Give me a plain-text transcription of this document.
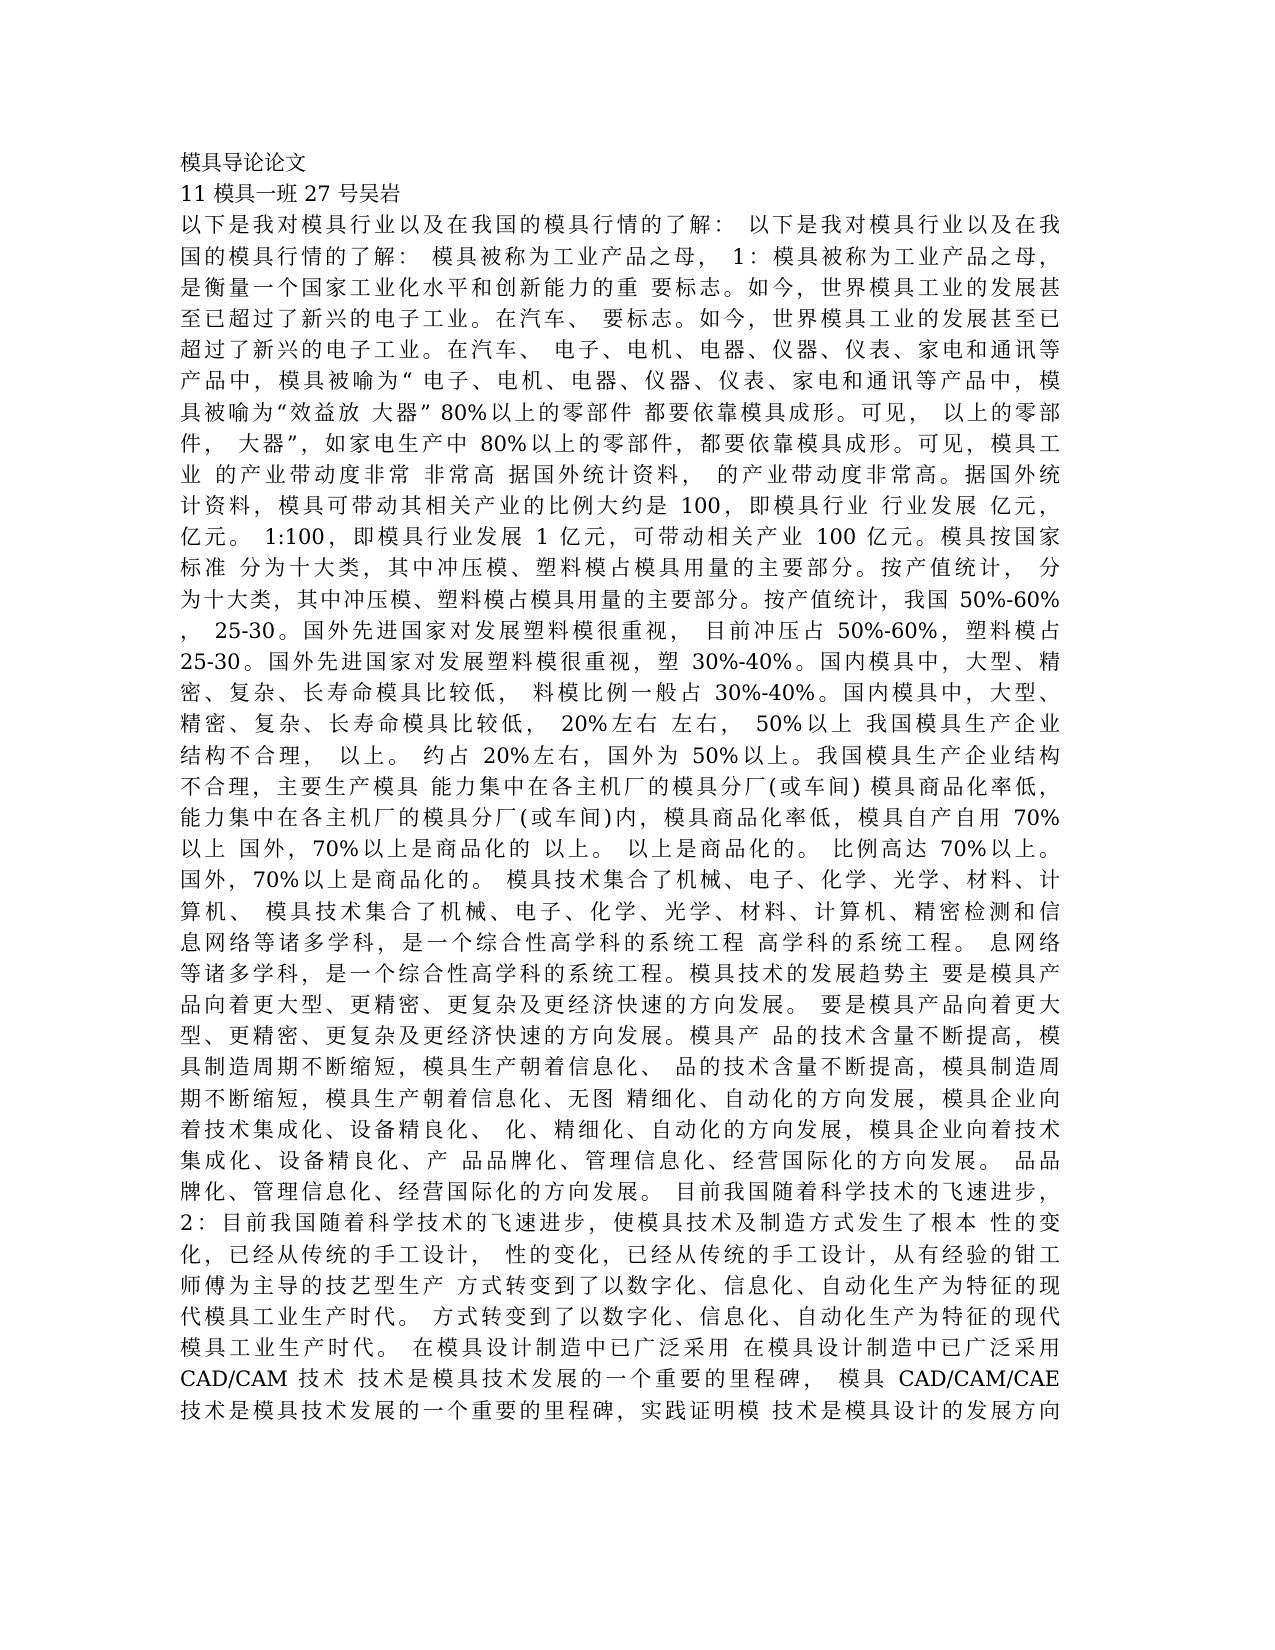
模具导论论文
11 模具一班 27 号吴岩
以下是我对模具行业以及在我国的模具行情的了解： 以下是我对模具行业以及在我
国的模具行情的了解： 模具被称为工业产品之母， 1：模具被称为工业产品之母，
是衡量一个国家工业化水平和创新能力的重 要标志。如今，世界模具工业的发展甚
至已超过了新兴的电子工业。在汽车、 要标志。如今，世界模具工业的发展甚至已
超过了新兴的电子工业。在汽车、 电子、电机、电器、仪器、仪表、家电和通讯等
产品中，模具被喻为“ 电子、电机、电器、仪器、仪表、家电和通讯等产品中，模
具被喻为“效益放 大器” 80%以上的零部件 都要依靠模具成形。可见， 以上的零部
件， 大器”，如家电生产中 80%以上的零部件，都要依靠模具成形。可见，模具工
业 的产业带动度非常 非常高 据国外统计资料， 的产业带动度非常高。据国外统
计资料，模具可带动其相关产业的比例大约是 100，即模具行业 行业发展 亿元，
亿元。 1:100，即模具行业发展 1 亿元，可带动相关产业 100 亿元。模具按国家
标准 分为十大类，其中冲压模、塑料模占模具用量的主要部分。按产值统计， 分
为十大类，其中冲压模、塑料模占模具用量的主要部分。按产值统计，我国 50%-60%
， 25-30。国外先进国家对发展塑料模很重视， 目前冲压占 50%-60%，塑料模占
25-30。国外先进国家对发展塑料模很重视，塑 30%-40%。国内模具中，大型、精
密、复杂、长寿命模具比较低， 料模比例一般占 30%-40%。国内模具中，大型、
精密、复杂、长寿命模具比较低， 20%左右 左右， 50%以上 我国模具生产企业
结构不合理， 以上。 约占 20%左右，国外为 50%以上。我国模具生产企业结构
不合理，主要生产模具 能力集中在各主机厂的模具分厂(或车间) 模具商品化率低，
能力集中在各主机厂的模具分厂(或车间)内，模具商品化率低，模具自产自用 70%
以上 国外，70%以上是商品化的 以上。 以上是商品化的。 比例高达 70%以上。
国外，70%以上是商品化的。 模具技术集合了机械、电子、化学、光学、材料、计
算机、 模具技术集合了机械、电子、化学、光学、材料、计算机、精密检测和信
息网络等诸多学科，是一个综合性高学科的系统工程 高学科的系统工程。 息网络
等诸多学科，是一个综合性高学科的系统工程。模具技术的发展趋势主 要是模具产
品向着更大型、更精密、更复杂及更经济快速的方向发展。 要是模具产品向着更大
型、更精密、更复杂及更经济快速的方向发展。模具产 品的技术含量不断提高，模
具制造周期不断缩短，模具生产朝着信息化、 品的技术含量不断提高，模具制造周
期不断缩短，模具生产朝着信息化、无图 精细化、自动化的方向发展，模具企业向
着技术集成化、设备精良化、 化、精细化、自动化的方向发展，模具企业向着技术
集成化、设备精良化、产 品品牌化、管理信息化、经营国际化的方向发展。 品品
牌化、管理信息化、经营国际化的方向发展。 目前我国随着科学技术的飞速进步，
2：目前我国随着科学技术的飞速进步，使模具技术及制造方式发生了根本 性的变
化，已经从传统的手工设计， 性的变化，已经从传统的手工设计，从有经验的钳工
师傅为主导的技艺型生产 方式转变到了以数字化、信息化、自动化生产为特征的现
代模具工业生产时代。 方式转变到了以数字化、信息化、自动化生产为特征的现代
模具工业生产时代。 在模具设计制造中已广泛采用 在模具设计制造中已广泛采用
CAD/CAM 技术 技术是模具技术发展的一个重要的里程碑， 模具 CAD/CAM/CAE
技术是模具技术发展的一个重要的里程碑，实践证明模 技术是模具设计的发展方向
